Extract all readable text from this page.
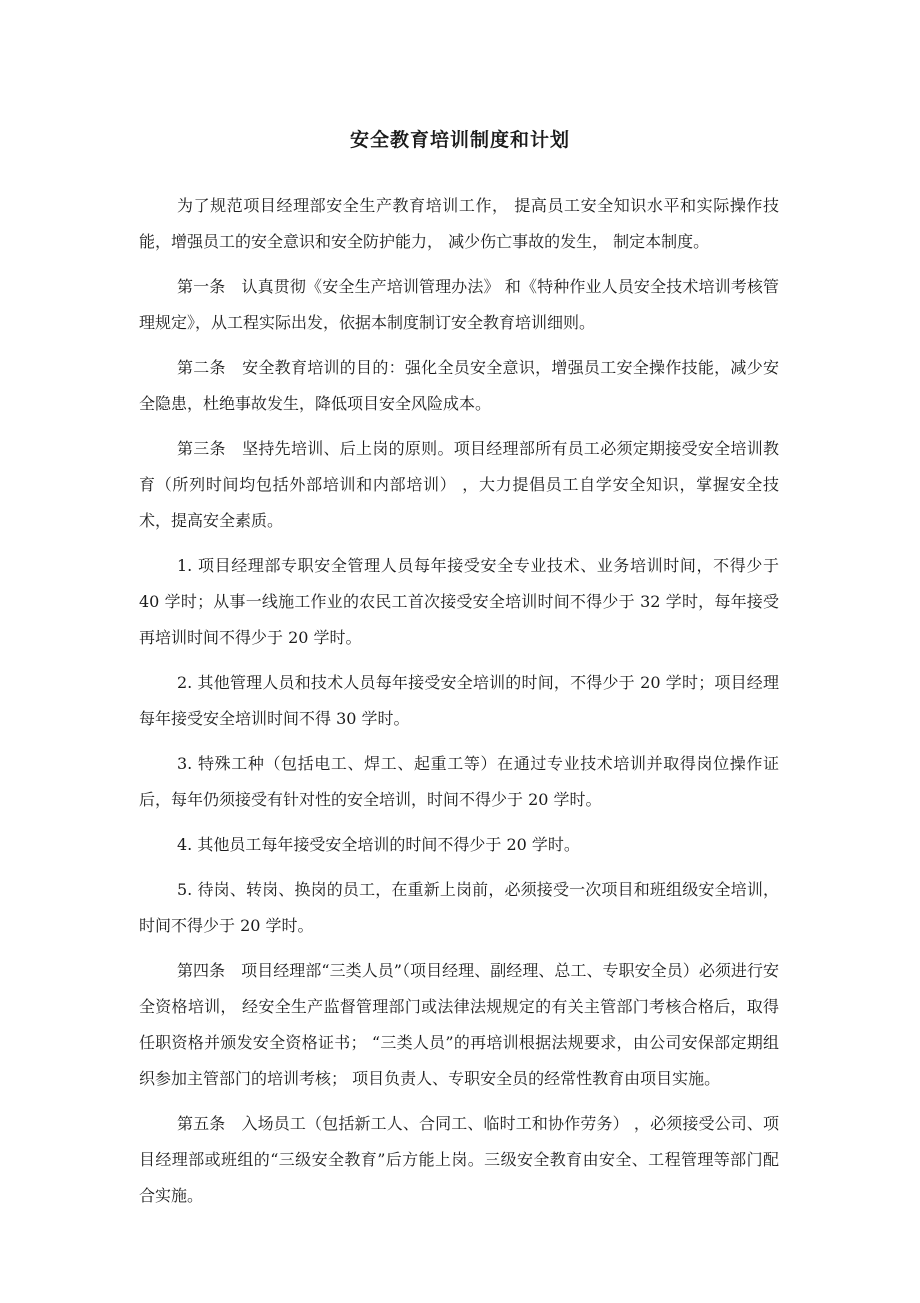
安全教育培训制度和计划

为了规范项目经理部安全生产教育培训工作， 提高员工安全知识水平和实际操作技能，增强员工的安全意识和安全防护能力， 减少伤亡事故的发生， 制定本制度。

第一条　认真贯彻《安全生产培训管理办法》 和《特种作业人员安全技术培训考核管理规定》，从工程实际出发，依据本制度制订安全教育培训细则。

第二条　安全教育培训的目的：强化全员安全意识，增强员工安全操作技能，减少安全隐患，杜绝事故发生，降低项目安全风险成本。

第三条　坚持先培训、后上岗的原则。项目经理部所有员工必须定期接受安全培训教育（所列时间均包括外部培训和内部培训） ，大力提倡员工自学安全知识，掌握安全技术，提高安全素质。

1. 项目经理部专职安全管理人员每年接受安全专业技术、业务培训时间，不得少于 40 学时；从事一线施工作业的农民工首次接受安全培训时间不得少于 32 学时，每年接受再培训时间不得少于 20 学时。

2. 其他管理人员和技术人员每年接受安全培训的时间，不得少于 20 学时；项目经理每年接受安全培训时间不得 30 学时。

3. 特殊工种（包括电工、焊工、起重工等）在通过专业技术培训并取得岗位操作证后，每年仍须接受有针对性的安全培训，时间不得少于 20 学时。

4. 其他员工每年接受安全培训的时间不得少于 20 学时。

5. 待岗、转岗、换岗的员工，在重新上岗前，必须接受一次项目和班组级安全培训，时间不得少于 20 学时。

第四条　项目经理部“三类人员”（项目经理、副经理、总工、专职安全员）必须进行安全资格培训， 经安全生产监督管理部门或法律法规规定的有关主管部门考核合格后，取得任职资格并颁发安全资格证书； “三类人员”的再培训根据法规要求，由公司安保部定期组织参加主管部门的培训考核； 项目负责人、专职安全员的经常性教育由项目实施。

第五条　入场员工（包括新工人、合同工、临时工和协作劳务） ，必须接受公司、项目经理部或班组的“三级安全教育”后方能上岗。三级安全教育由安全、工程管理等部门配合实施。
